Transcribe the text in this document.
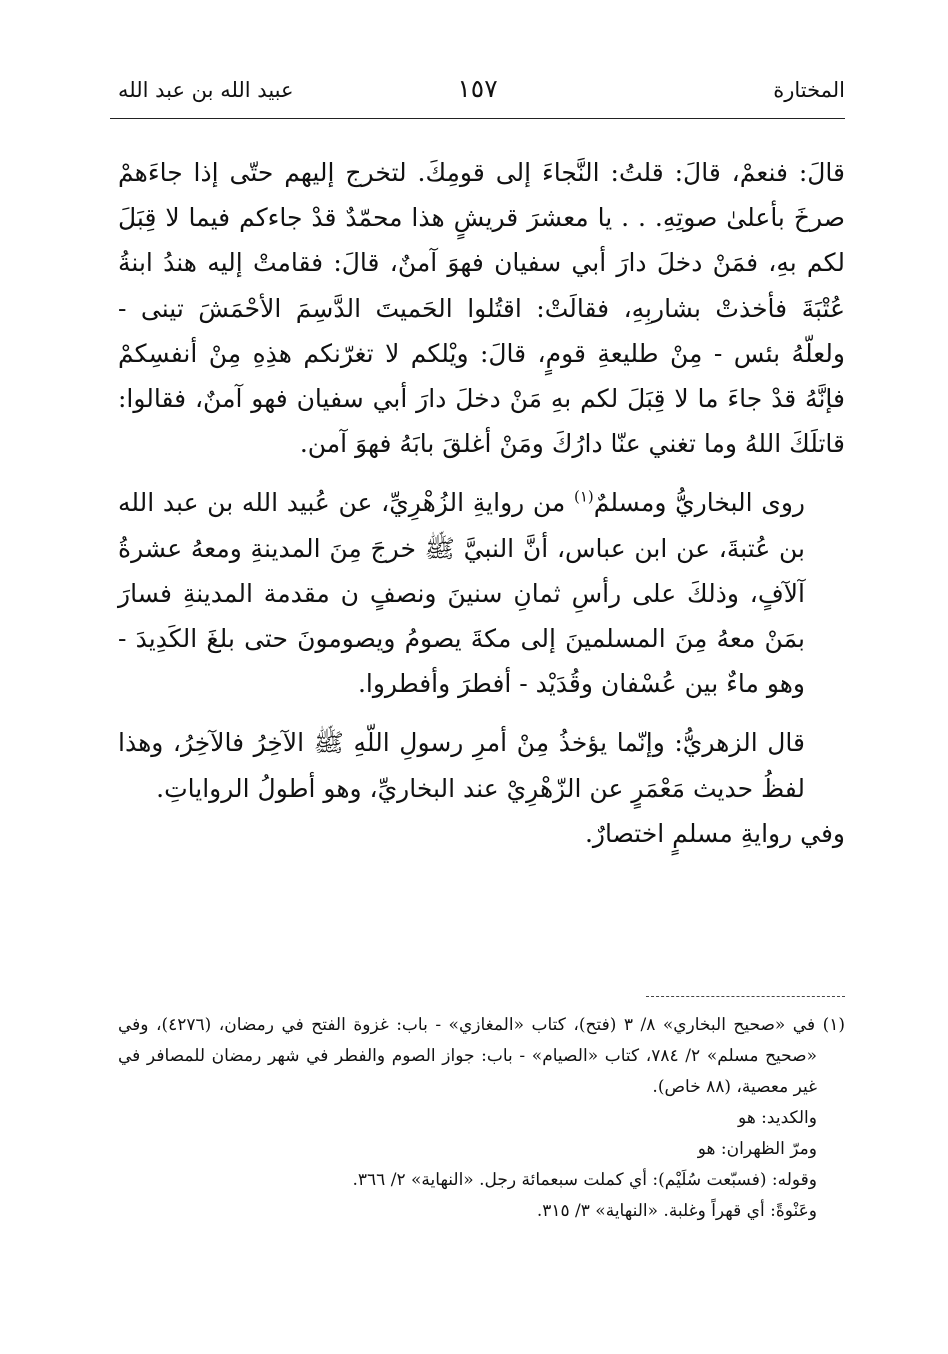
المختارة
١٥٧
عبيد الله بن عبد الله

قالَ: فنعمْ، قالَ: قلتُ: النَّجاءَ إلى قومِكَ. لتخرج إليهم حتّى إذا جاءَهمْ صرخَ بأعلىٰ صوتِهِ. . . يا معشرَ قريشٍ هذا محمّدٌ قدْ جاءكم فيما لا قِبَلَ لكم بهِ، فمَنْ دخلَ دارَ أبي سفيان فهوَ آمنٌ، قالَ: فقامتْ إليه هندُ ابنةُ عُتْبَةَ فأخذتْ بشاربِهِ، فقالَتْ: اقتُلوا الحَميتَ الدَّسِمَ الأحْمَشَ تينى - ولعلّهُ بئس - مِنْ طليعةِ قومٍ، قالَ: ويْلكم لا تغرّنكم هذِهِ مِنْ أنفسِكمْ فإنَّهُ قدْ جاءَ ما لا قِبَلَ لكم بهِ مَنْ دخلَ دارَ أبي سفيان فهو آمنٌ، فقالوا: قاتلَكَ اللهُ وما تغني عنّا دارُكَ ومَنْ أغلقَ بابَهُ فهوَ آمن.

روى البخاريُّ ومسلمٌ$^{(١)}$ من روايةِ الزُهْرِيِّ، عن عُبيد الله بن عبد الله بن عُتبةَ، عن ابن عباس، أنَّ النبيَّ ﷺ خرجَ مِنَ المدينةِ ومعهُ عشرةُ آلآفٍ، وذلكَ على رأسِ ثمانِ سنينَ ونصفٍ ن مقدمة المدينةِ فسارَ بمَنْ معهُ مِنَ المسلمينَ إلى مكةَ يصومُ ويصومونَ حتى بلغَ الكَدِيدَ - وهو ماءٌ بين عُسْفان وقُدَيْد - أفطرَ وأفطروا.

قال الزهريُّ: وإنّما يؤخذُ مِنْ أمرِ رسولِ اللّهِ ﷺ الآخِرُ فالآخِرُ، وهذا لفظُ حديث مَعْمَرٍ عن الزّهْرِيْ عند البخاريِّ، وهو أطولُ الرواياتِ.

وفي روايةِ مسلمٍ اختصارٌ.

(١) في «صحيح البخاري» ٨/ ٣ (فتح)، كتاب «المغازي» - باب: غزوة الفتح في رمضان، (٤٢٧٦)، وفي «صحيح مسلم» ٢/ ٧٨٤، كتاب «الصيام» - باب: جواز الصوم والفطر في شهر رمضان للمصافر في غير معصية، (٨٨ خاص).

والكديد: هو

ومرّ الظهران: هو

وقوله: (فسبّعت سُلَيْم): أي كملت سبعمائة رجل. «النهاية» ٢/ ٣٦٦.

وعَنْوةً: أي قهراً وغلبة. «النهاية» ٣/ ٣١٥.
